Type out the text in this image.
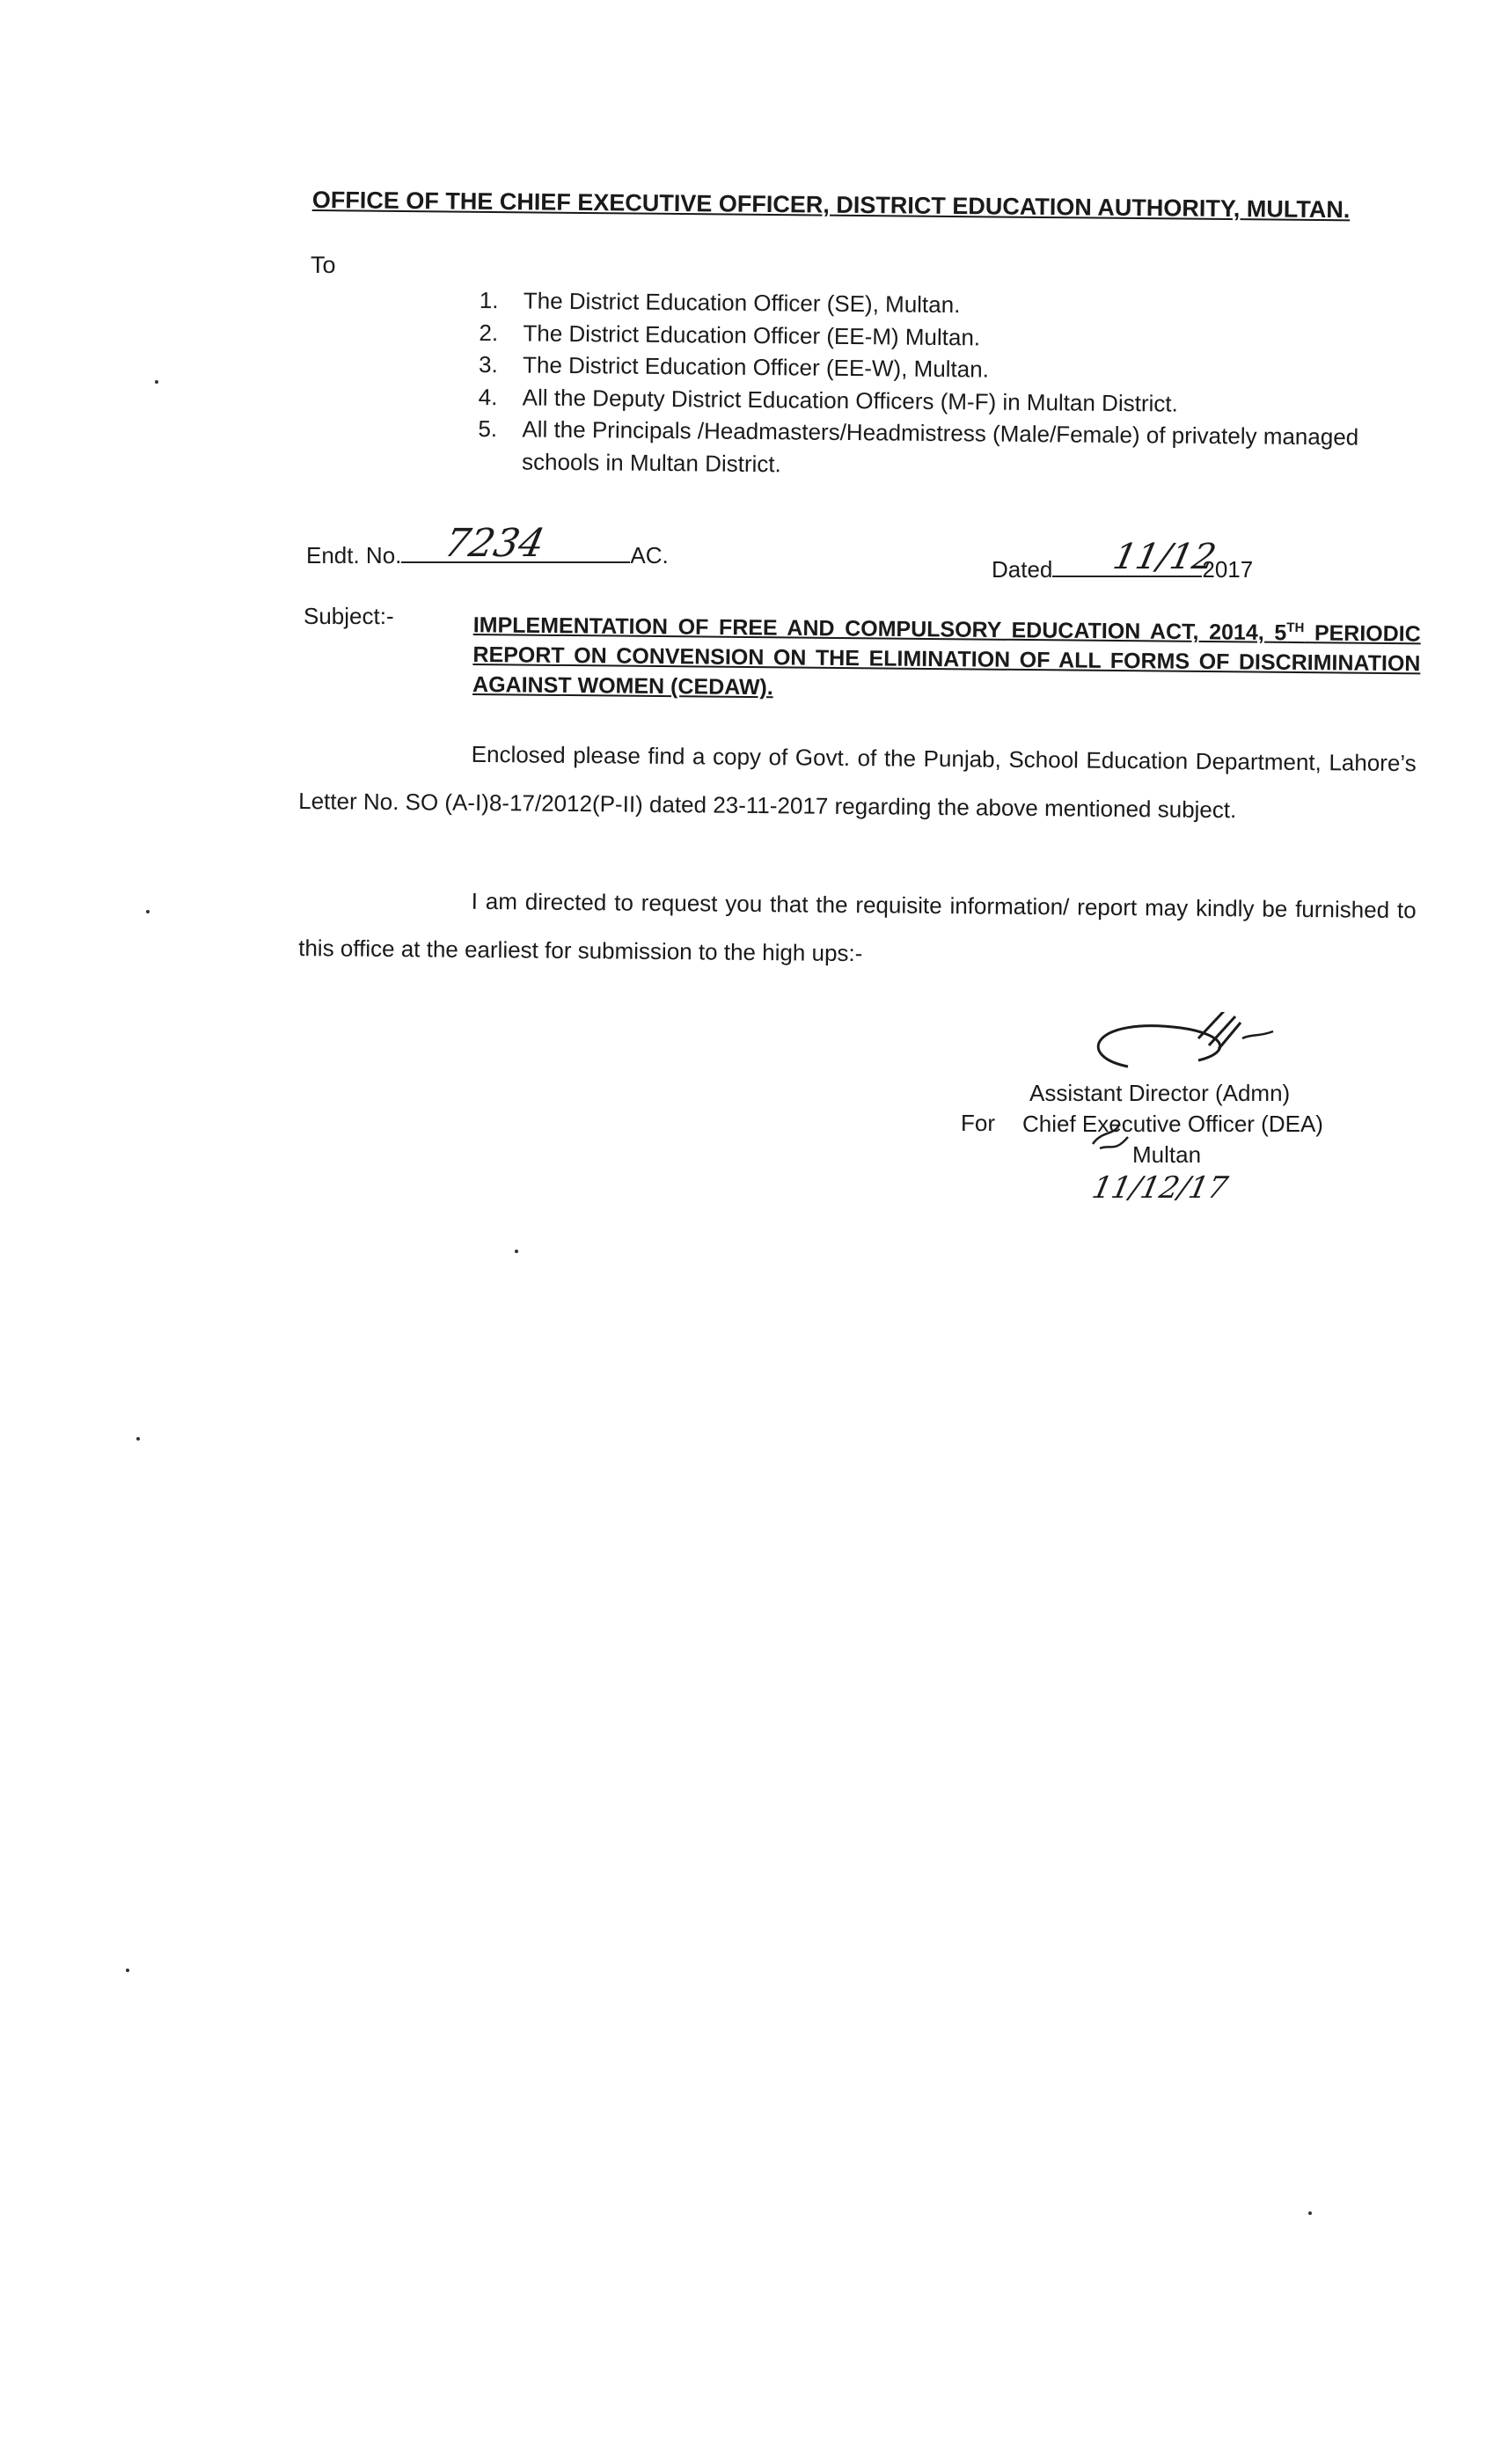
OFFICE OF THE CHIEF EXECUTIVE OFFICER, DISTRICT EDUCATION AUTHORITY, MULTAN.
To
1. The District Education Officer (SE), Multan.
2. The District Education Officer (EE-M) Multan.
3. The District Education Officer (EE-W), Multan.
4. All the Deputy District Education Officers (M-F) in Multan District.
5. All the Principals /Headmasters/Headmistress (Male/Female) of privately managed schools in Multan District.
Endt. No. 7234	AC.
Dated 11/12
2017
Subject:-	IMPLEMENTATION OF FREE AND COMPULSORY EDUCATION ACT, 2014, 5TH PERIODIC REPORT ON CONVENSION ON THE ELIMINATION OF ALL FORMS OF DISCRIMINATION AGAINST WOMEN (CEDAW).

Enclosed please find a copy of Govt. of the Punjab, School Education Department, Lahore’s Letter No. SO (A-I)8-17/2012(P-II) dated 23-11-2017 regarding the above mentioned subject.

I am directed to request you that the requisite information/ report may kindly be furnished to this office at the earliest for submission to the high ups:-

Assistant Director (Admn)
For Chief Executive Officer (DEA)
Multan
11/12/17
